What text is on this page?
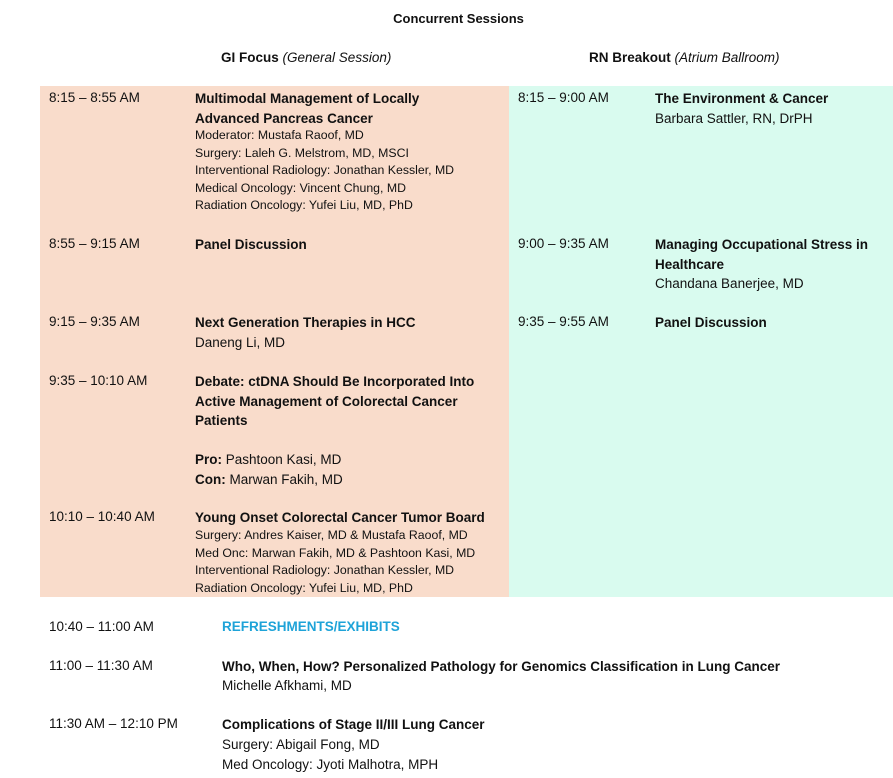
Concurrent Sessions
GI Focus (General Session)	RN Breakout (Atrium Ballroom)
8:15 – 8:55 AM	Multimodal Management of Locally
Advanced Pancreas Cancer
Moderator: Mustafa Raoof, MD
Surgery: Laleh G. Melstrom, MD, MSCI
Interventional Radiology: Jonathan Kessler, MD
Medical Oncology: Vincent Chung, MD
Radiation Oncology: Yufei Liu, MD, PhD
8:55 – 9:15 AM	Panel Discussion
9:15 – 9:35 AM	Next Generation Therapies in HCC
Daneng Li, MD
9:35 – 10:10 AM	Debate: ctDNA Should Be Incorporated Into
Active Management of Colorectal Cancer
Patients
Pro: Pashtoon Kasi, MD
Con: Marwan Fakih, MD
10:10 – 10:40 AM	Young Onset Colorectal Cancer Tumor Board
Surgery: Andres Kaiser, MD & Mustafa Raoof, MD
Med Onc: Marwan Fakih, MD & Pashtoon Kasi, MD
Interventional Radiology: Jonathan Kessler, MD
Radiation Oncology: Yufei Liu, MD, PhD
8:15 – 9:00 AM	The Environment & Cancer
Barbara Sattler, RN, DrPH
9:00 – 9:35 AM	Managing Occupational Stress in
Healthcare
Chandana Banerjee, MD
9:35 – 9:55 AM	Panel Discussion
10:40 – 11:00 AM	REFRESHMENTS/EXHIBITS
11:00 – 11:30 AM	Who, When, How? Personalized Pathology for Genomics Classification in Lung Cancer
Michelle Afkhami, MD
11:30 AM – 12:10 PM	Complications of Stage II/III Lung Cancer
Surgery: Abigail Fong, MD
Med Oncology: Jyoti Malhotra, MPH
